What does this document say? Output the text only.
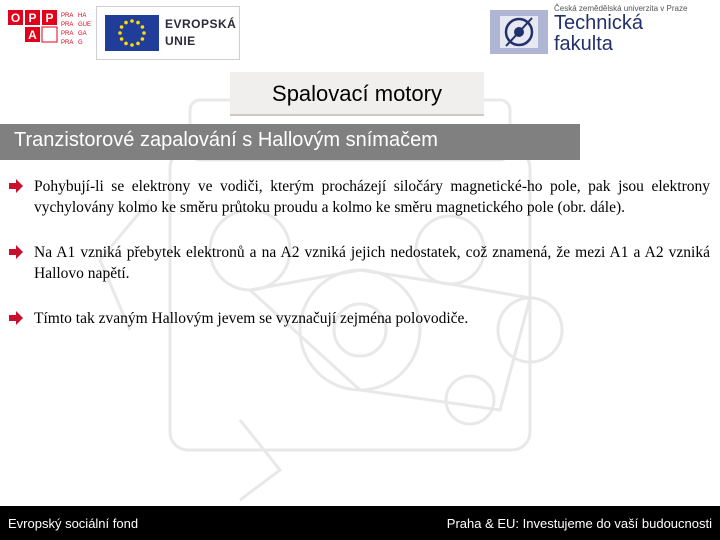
O P P
A
PRA HA
PRA GUE
PRA GA
PRA G
EVROPSKÁ
UNIE
Česká zemědělská univerzita v Praze
Technická
fakulta
Spalovací motory
Tranzistorové zapalování s Hallovým snímačem
Pohybují-li se elektrony ve vodiči, kterým procházejí siločáry magnetické-ho pole, pak jsou elektrony vychylovány kolmo ke směru průtoku proudu a kolmo ke směru magnetického pole (obr. dále).
Na A1 vzniká přebytek elektronů a na A2 vzniká jejich nedostatek, což znamená, že mezi A1 a A2 vzniká Hallovo napětí.
Tímto tak zvaným Hallovým jevem se vyznačují zejména polovodiče.
Evropský sociální fond	Praha & EU: Investujeme do vaší budoucnosti
